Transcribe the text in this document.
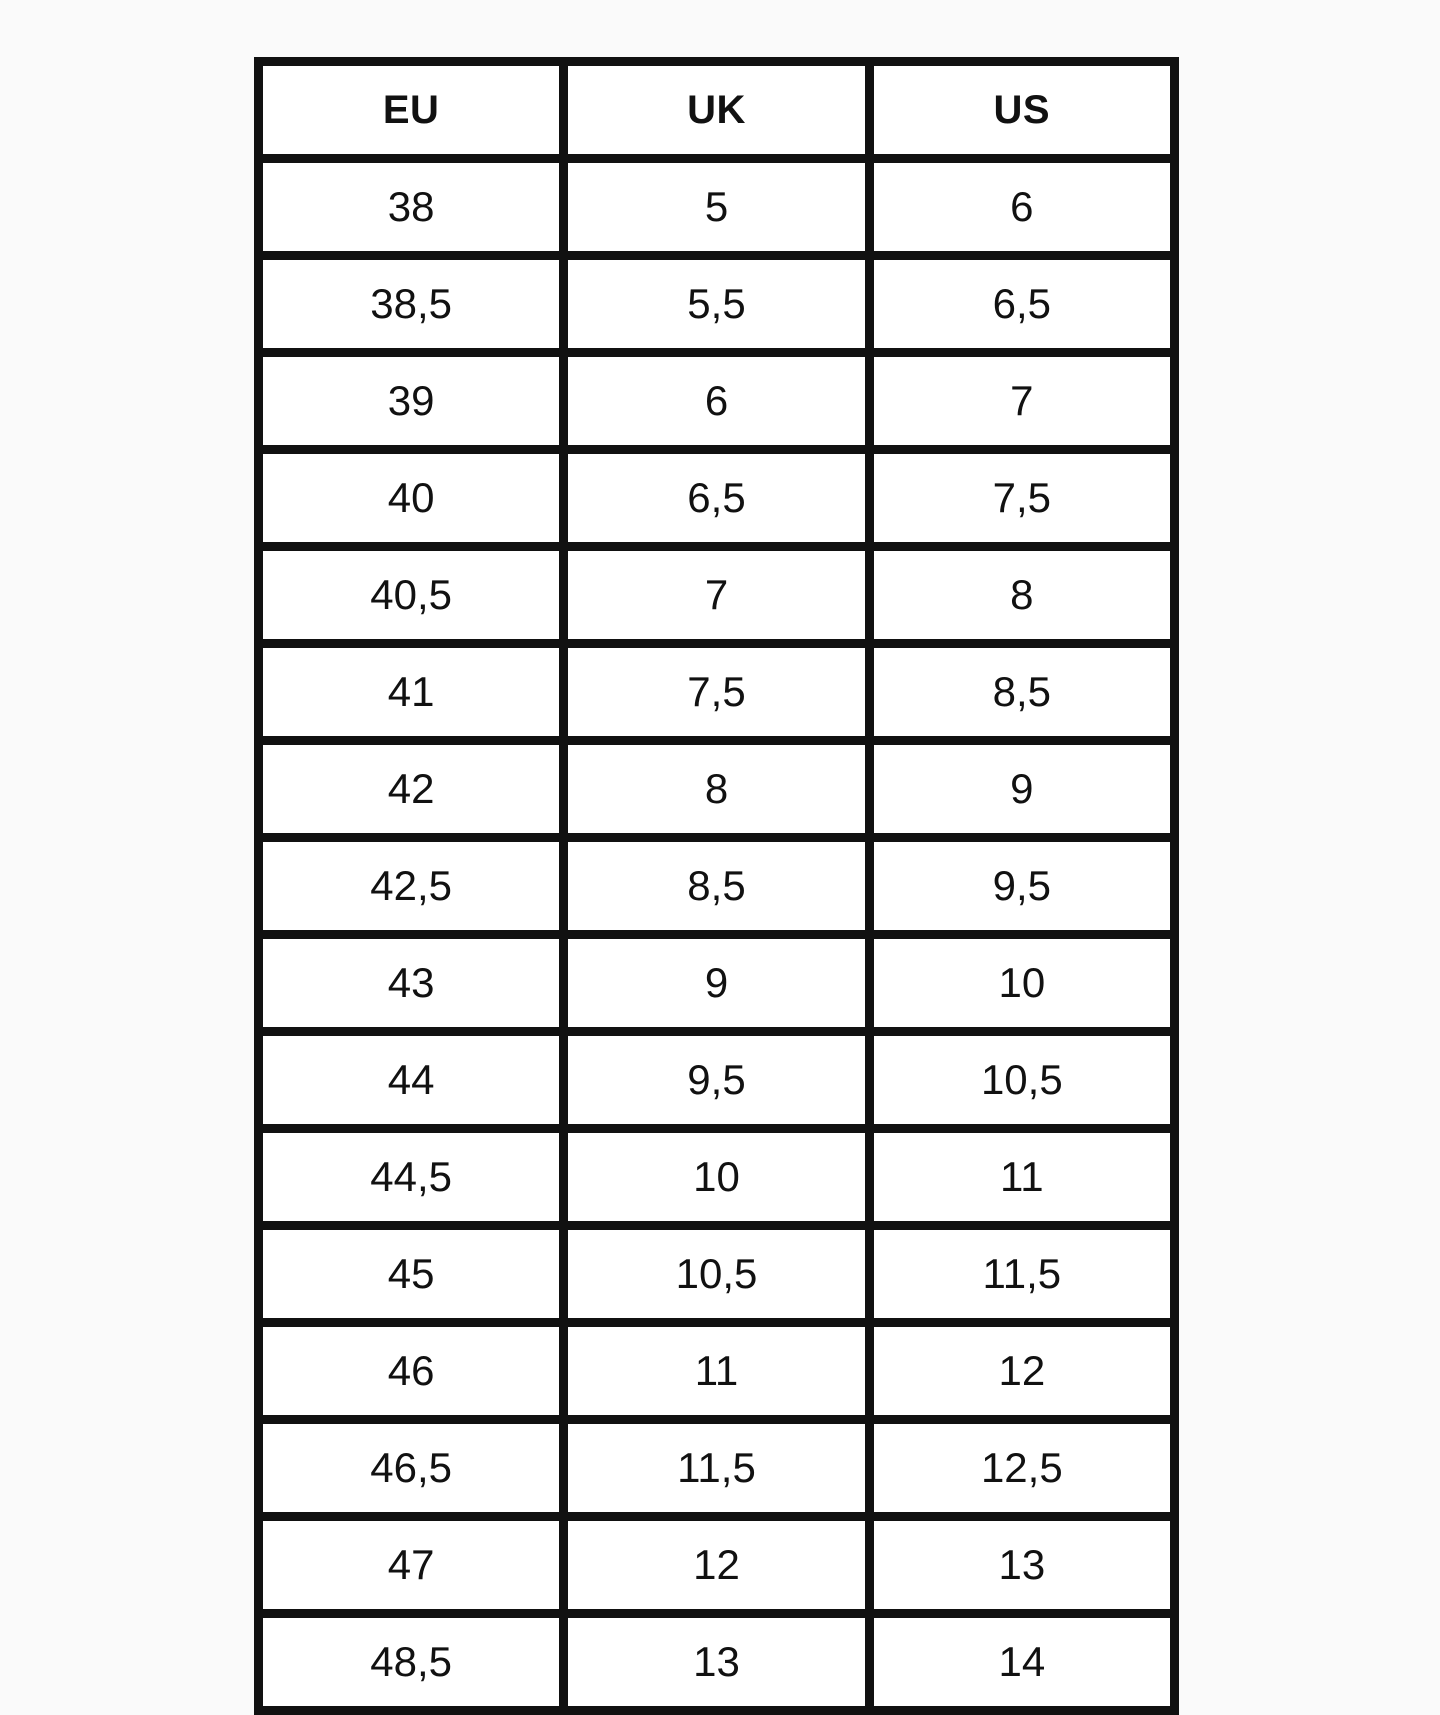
EU	UK	US
38	5	6
38,5	5,5	6,5
39	6	7
40	6,5	7,5
40,5	7	8
41	7,5	8,5
42	8	9
42,5	8,5	9,5
43	9	10
44	9,5	10,5
44,5	10	11
45	10,5	11,5
46	11	12
46,5	11,5	12,5
47	12	13
48,5	13	14
